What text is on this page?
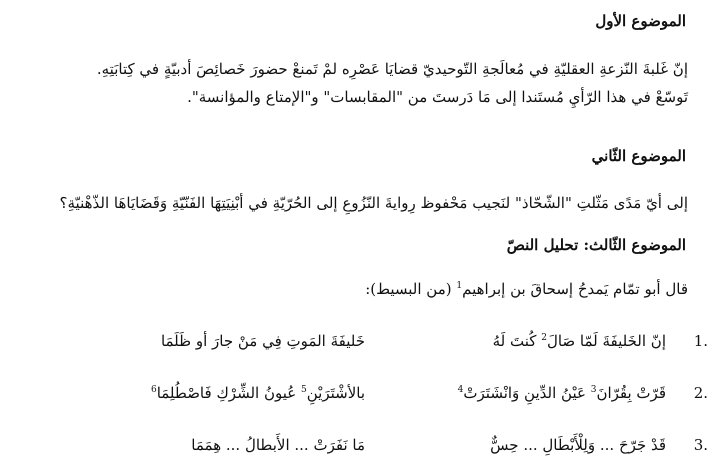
الموضوع الأول
إنّ غَلبةَ النّزعةِ العقليّةِ في مُعالَجةِ التّوحيديّ قضايَا عَصْرِه لمْ تَمنعْ حضورَ خَصائِصَ أدبيّةٍ في كِتابَتِهِ.
تَوسّعْ في هذا الرّأيِ مُستَندا إلى مَا دَرستَ من "المقابسات" و"الإمتاع والمؤانسة".
الموضوع الثّاني
إلى أيّ مَدًى مَثّلتِ "الشّحّاذ" لنَجيب مَحْفوظ رِوايةَ النّزُوعِ إلى الحُرّيّةِ في أبْنِيَتِهَا الفَنّيّةِ وَقَضَايَاهَا الذّهْنيّةِ؟
الموضوع الثّالث: تحليل النصّ
قال أبو تمّام يَمدحُ إسحاقَ بن إبراهيم$^1$ (من البسيط):
1.
إنّ الخَليفَةَ لَمّا صَالَ$^2$ كُنتَ لَهُ
خَليفَةَ المَوتِ فِي مَنْ جارَ أو ظَلَمَا
2.
قَرّتْ بِقُرّانَ$^3$ عَيْنُ الدِّينِ وَانْشَتَرَتْ$^4$
بالأشْتَرَيْنِ$^5$ عُيونُ الشِّرْكِ فَاصْطُلِمَا$^6$
3.
قَدْ جَرّحَ ... وَلِلْأَبْطَالِ ... حِسٌّ
مَا نَفَرَتْ ... الأَبطالُ ... هِمَمَا
